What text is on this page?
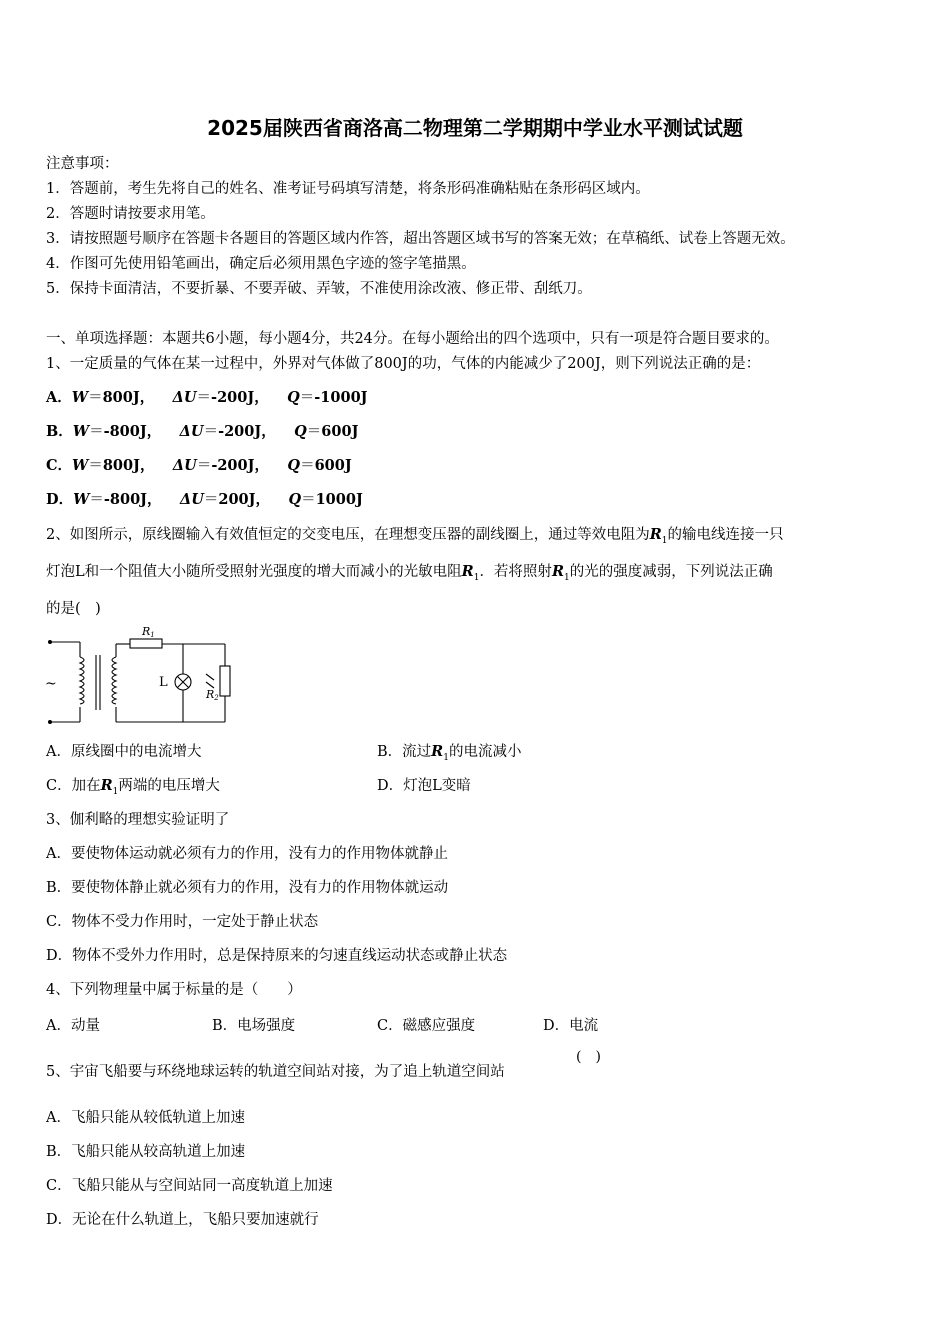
2025届陕西省商洛高二物理第二学期期中学业水平测试试题
注意事项：
1．答题前，考生先将自己的姓名、准考证号码填写清楚，将条形码准确粘贴在条形码区域内。
2．答题时请按要求用笔。
3．请按照题号顺序在答题卡各题目的答题区域内作答，超出答题区域书写的答案无效；在草稿纸、试卷上答题无效。
4．作图可先使用铅笔画出，确定后必须用黑色字迹的签字笔描黑。
5．保持卡面清洁，不要折暴、不要弄破、弄皱，不准使用涂改液、修正带、刮纸刀。
一、单项选择题：本题共6小题，每小题4分，共24分。在每小题给出的四个选项中，只有一项是符合题目要求的。
1、一定质量的气体在某一过程中，外界对气体做了800J的功，气体的内能减少了200J，则下列说法正确的是：
A．W＝800J， ΔU＝-200J， Q＝-1000J
B．W＝-800J， ΔU＝-200J， Q＝600J
C．W＝800J， ΔU＝-200J， Q＝600J
D．W＝-800J， ΔU＝200J， Q＝1000J
2、如图所示，原线圈输入有效值恒定的交变电压，在理想变压器的副线圈上，通过等效电阻为$R_1$的输电线连接一只
灯泡L和一个阻值大小随所受照射光强度的增大而减小的光敏电阻$R_1$．若将照射$R_1$的光的强度减弱，下列说法正确
的是(　)
~
R1
L
R2
A．原线圈中的电流增大	B．流过$R_1$的电流减小
C．加在$R_1$两端的电压增大	D．灯泡L变暗
3、伽利略的理想实验证明了
A．要使物体运动就必须有力的作用，没有力的作用物体就静止
B．要使物体静止就必须有力的作用，没有力的作用物体就运动
C．物体不受力作用时，一定处于静止状态
D．物体不受外力作用时，总是保持原来的匀速直线运动状态或静止状态
4、下列物理量中属于标量的是（　　）
A．动量	B．电场强度	C．磁感应强度	D．电流
5、宇宙飞船要与环绕地球运转的轨道空间站对接，为了追上轨道空间站
(　)
A．飞船只能从较低轨道上加速
B．飞船只能从较高轨道上加速
C．飞船只能从与空间站同一高度轨道上加速
D．无论在什么轨道上，飞船只要加速就行
